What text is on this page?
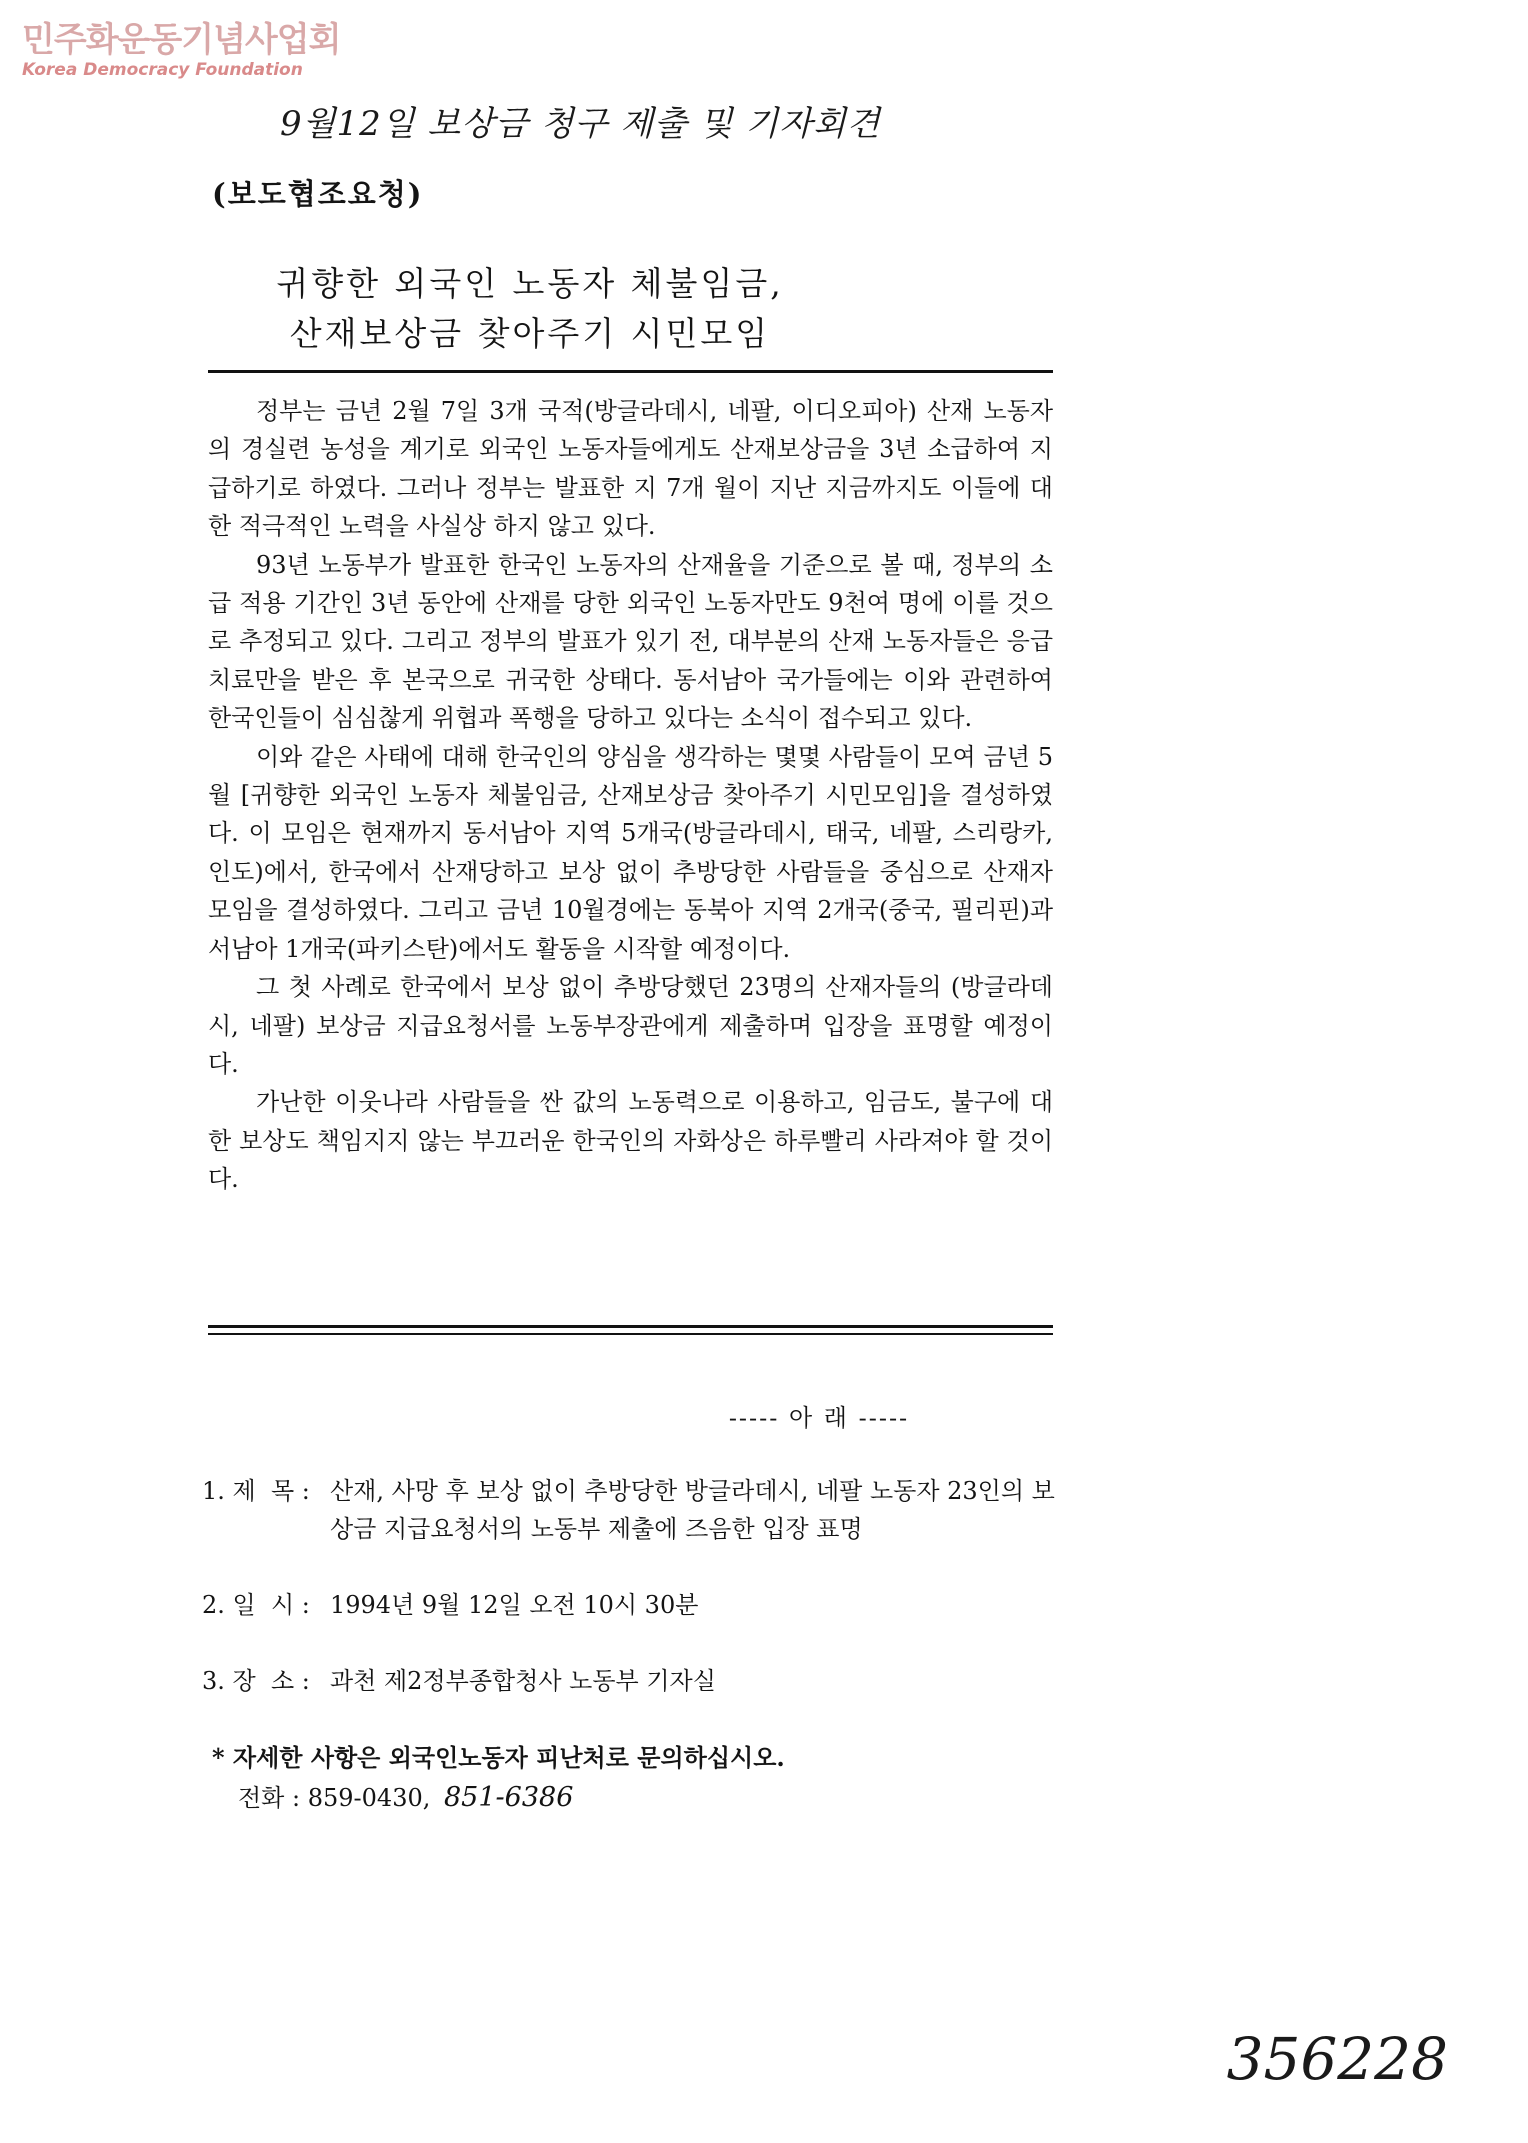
민주화운동기념사업회
Korea Democracy Foundation
9월12일 보상금 청구 제출 및 기자회견
(보도협조요청)
귀향한 외국인 노동자 체불임금,
산재보상금 찾아주기 시민모임

정부는 금년 2월 7일 3개 국적(방글라데시, 네팔, 이디오피아) 산재 노동자의 경실련 농성을 계기로 외국인 노동자들에게도 산재보상금을 3년 소급하여 지급하기로 하였다. 그러나 정부는 발표한 지 7개 월이 지난 지금까지도 이들에 대한 적극적인 노력을 사실상 하지 않고 있다.

93년 노동부가 발표한 한국인 노동자의 산재율을 기준으로 볼 때, 정부의 소급 적용 기간인 3년 동안에 산재를 당한 외국인 노동자만도 9천여 명에 이를 것으로 추정되고 있다. 그리고 정부의 발표가 있기 전, 대부분의 산재 노동자들은 응급치료만을 받은 후 본국으로 귀국한 상태다. 동서남아 국가들에는 이와 관련하여 한국인들이 심심찮게 위협과 폭행을 당하고 있다는 소식이 접수되고 있다.

이와 같은 사태에 대해 한국인의 양심을 생각하는 몇몇 사람들이 모여 금년 5월 [귀향한 외국인 노동자 체불임금, 산재보상금 찾아주기 시민모임]을 결성하였다. 이 모임은 현재까지 동서남아 지역 5개국(방글라데시, 태국, 네팔, 스리랑카, 인도)에서, 한국에서 산재당하고 보상 없이 추방당한 사람들을 중심으로 산재자 모임을 결성하였다. 그리고 금년 10월경에는 동북아 지역 2개국(중국, 필리핀)과 서남아 1개국(파키스탄)에서도 활동을 시작할 예정이다.

그 첫 사례로 한국에서 보상 없이 추방당했던 23명의 산재자들의 (방글라데시, 네팔) 보상금 지급요청서를 노동부장관에게 제출하며 입장을 표명할 예정이다.

가난한 이웃나라 사람들을 싼 값의 노동력으로 이용하고, 임금도, 불구에 대한 보상도 책임지지 않는 부끄러운 한국인의 자화상은 하루빨리 사라져야 할 것이다.

----- 아 래 -----
1. 제  목 : 산재, 사망 후 보상 없이 추방당한 방글라데시, 네팔 노동자 23인의 보상금 지급요청서의 노동부 제출에 즈음한 입장 표명
2. 일  시 : 1994년 9월 12일 오전 10시 30분
3. 장  소 : 과천 제2정부종합청사 노동부 기자실
* 자세한 사항은 외국인노동자 피난처로 문의하십시오.
전화 : 859-0430, 851-6386
356228
